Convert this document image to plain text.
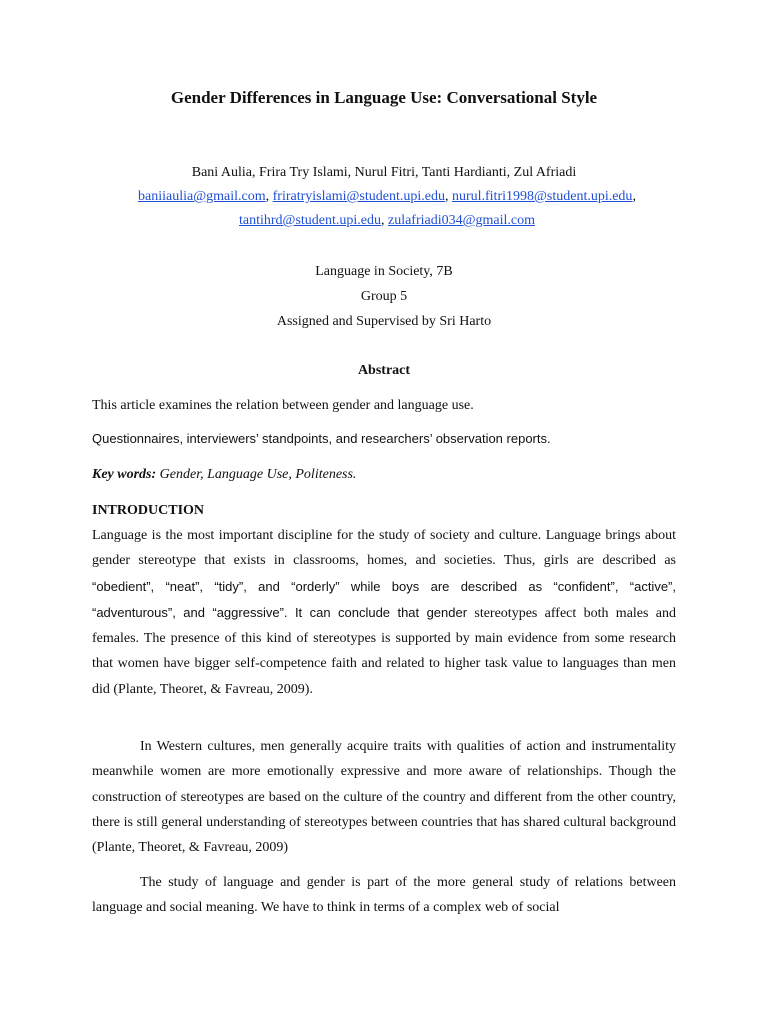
Gender Differences in Language Use: Conversational Style
Bani Aulia, Frira Try Islami, Nurul Fitri, Tanti Hardianti, Zul Afriadi
baniiaulia@gmail.com, friratryislami@student.upi.edu, nurul.fitri1998@student.upi.edu,
tantihrd@student.upi.edu, zulafriadi034@gmail.com
Language in Society, 7B
Group 5
Assigned and Supervised by Sri Harto
Abstract
This article examines the relation between gender and language use.
Questionnaires, interviewers’ standpoints, and researchers’ observation reports.
Key words: Gender, Language Use, Politeness.
INTRODUCTION
Language is the most important discipline for the study of society and culture. Language brings about gender stereotype that exists in classrooms, homes, and societies. Thus, girls are described as “obedient”, “neat”, “tidy”, and “orderly” while boys are described as “confident”, “active”, “adventurous”, and “aggressive”. It can conclude that gender stereotypes affect both males and females. The presence of this kind of stereotypes is supported by main evidence from some research that women have bigger self-competence faith and related to higher task value to languages than men did (Plante, Theoret, & Favreau, 2009).
In Western cultures, men generally acquire traits with qualities of action and instrumentality meanwhile women are more emotionally expressive and more aware of relationships. Though the construction of stereotypes are based on the culture of the country and different from the other country, there is still general understanding of stereotypes between countries that has shared cultural background (Plante, Theoret, & Favreau, 2009)
The study of language and gender is part of the more general study of relations between language and social meaning. We have to think in terms of a complex web of social
